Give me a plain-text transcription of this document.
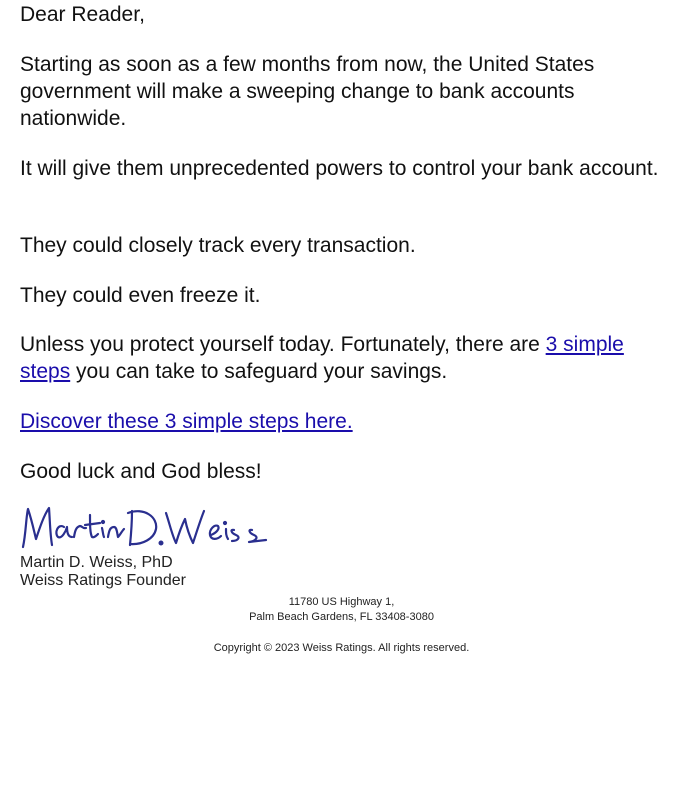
Dear Reader,

Starting as soon as a few months from now, the United States government will make a sweeping change to bank accounts nationwide.

It will give them unprecedented powers to control your bank account.

They could closely track every transaction.

They could even freeze it.

Unless you protect yourself today. Fortunately, there are 3 simple steps you can take to safeguard your savings.

Discover these 3 simple steps here.

Good luck and God bless!

Martin D. Weiss, PhD
Weiss Ratings Founder
11780 US Highway 1,
Palm Beach Gardens, FL 33408-3080
Copyright © 2023 Weiss Ratings. All rights reserved.
